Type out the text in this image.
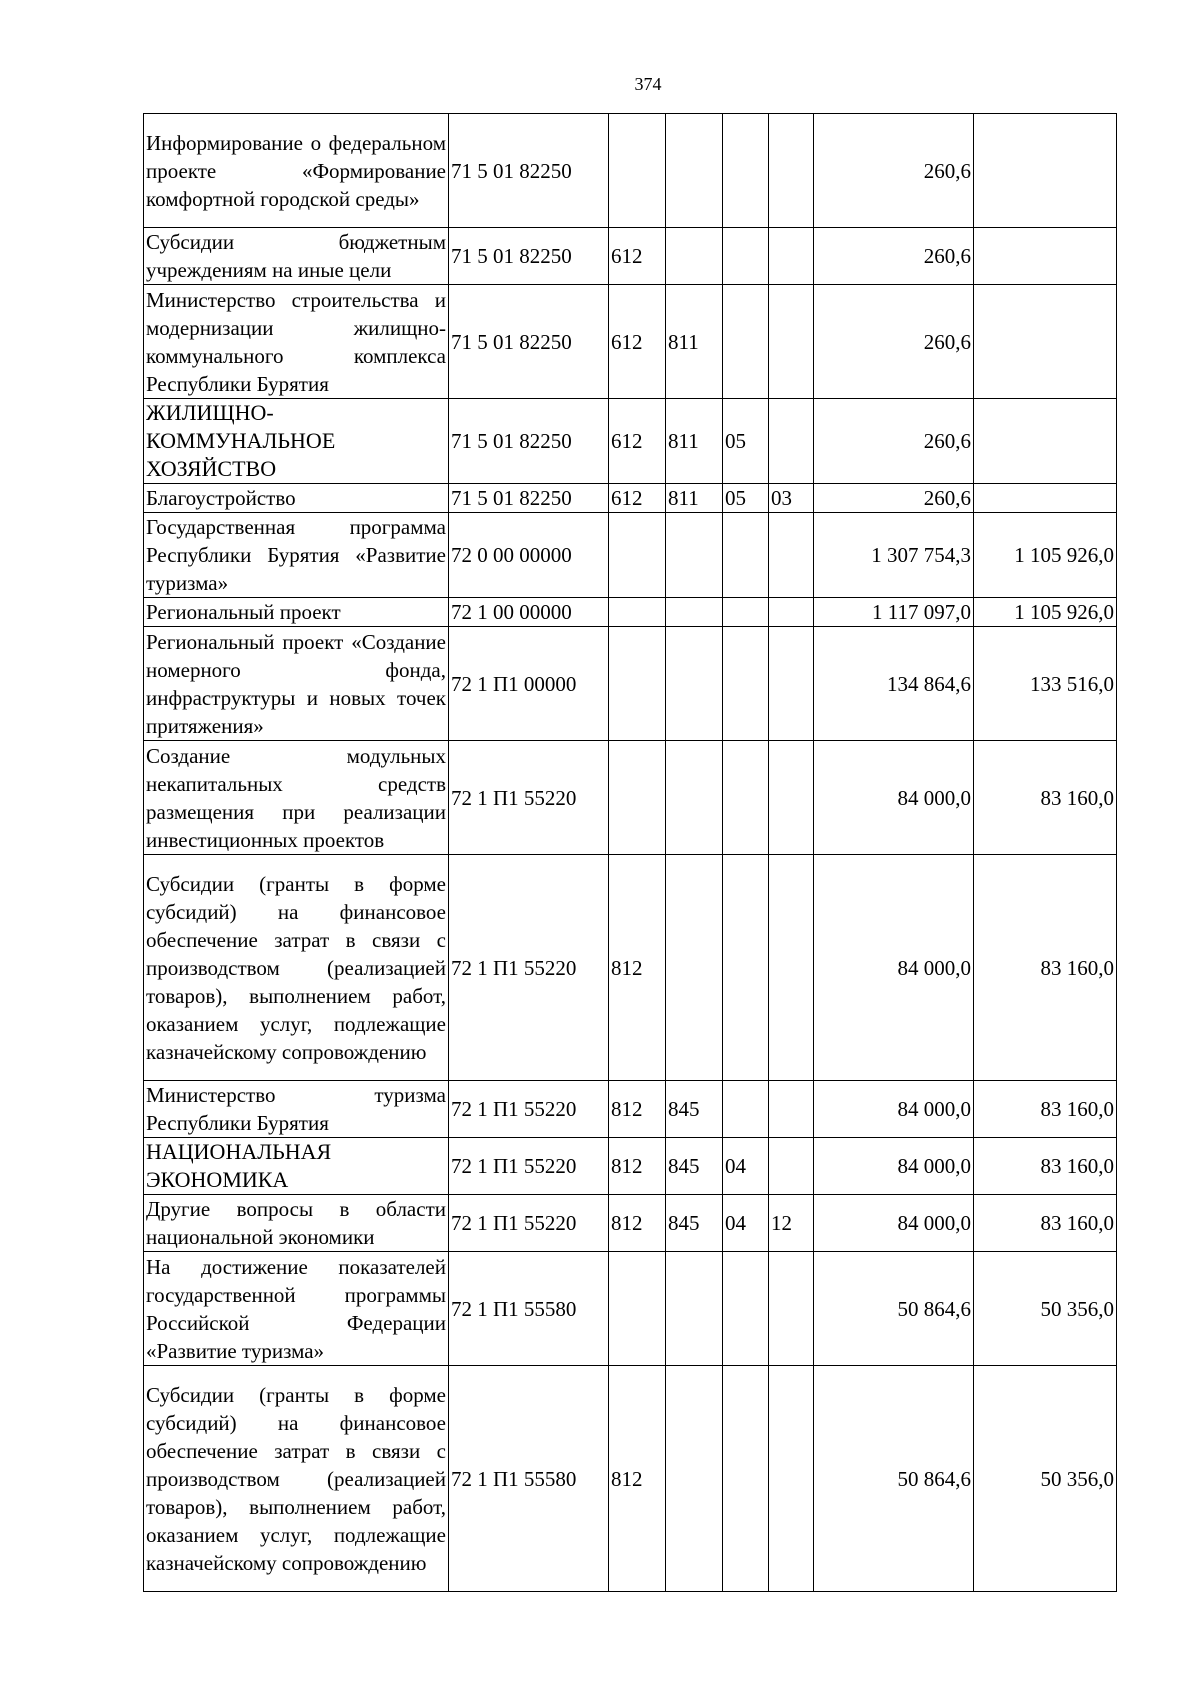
374
Информирование о федеральном проекте «Формирование комфортной городской среды»	71 5 01 82250					260,6	
Субсидии бюджетным учреждениям на иные цели	71 5 01 82250	612				260,6	
Министерство строительства и модернизации жилищно-коммунального комплекса Республики Бурятия	71 5 01 82250	612	811			260,6	
ЖИЛИЩНО-КОММУНАЛЬНОЕ ХОЗЯЙСТВО	71 5 01 82250	612	811	05		260,6	
Благоустройство	71 5 01 82250	612	811	05	03	260,6	
Государственная программа Республики Бурятия «Развитие туризма»	72 0 00 00000					1 307 754,3	1 105 926,0
Региональный проект	72 1 00 00000					1 117 097,0	1 105 926,0
Региональный проект «Создание номерного фонда, инфраструктуры и новых точек притяжения»	72 1 П1 00000					134 864,6	133 516,0
Создание модульных некапитальных средств размещения при реализации инвестиционных проектов	72 1 П1 55220					84 000,0	83 160,0
Субсидии (гранты в форме субсидий) на финансовое обеспечение затрат в связи с производством (реализацией товаров), выполнением работ, оказанием услуг, подлежащие казначейскому сопровождению	72 1 П1 55220	812				84 000,0	83 160,0
Министерство туризма Республики Бурятия	72 1 П1 55220	812	845			84 000,0	83 160,0
НАЦИОНАЛЬНАЯ ЭКОНОМИКА	72 1 П1 55220	812	845	04		84 000,0	83 160,0
Другие вопросы в области национальной экономики	72 1 П1 55220	812	845	04	12	84 000,0	83 160,0
На достижение показателей государственной программы Российской Федерации «Развитие туризма»	72 1 П1 55580					50 864,6	50 356,0
Субсидии (гранты в форме субсидий) на финансовое обеспечение затрат в связи с производством (реализацией товаров), выполнением работ, оказанием услуг, подлежащие казначейскому сопровождению	72 1 П1 55580	812				50 864,6	50 356,0
